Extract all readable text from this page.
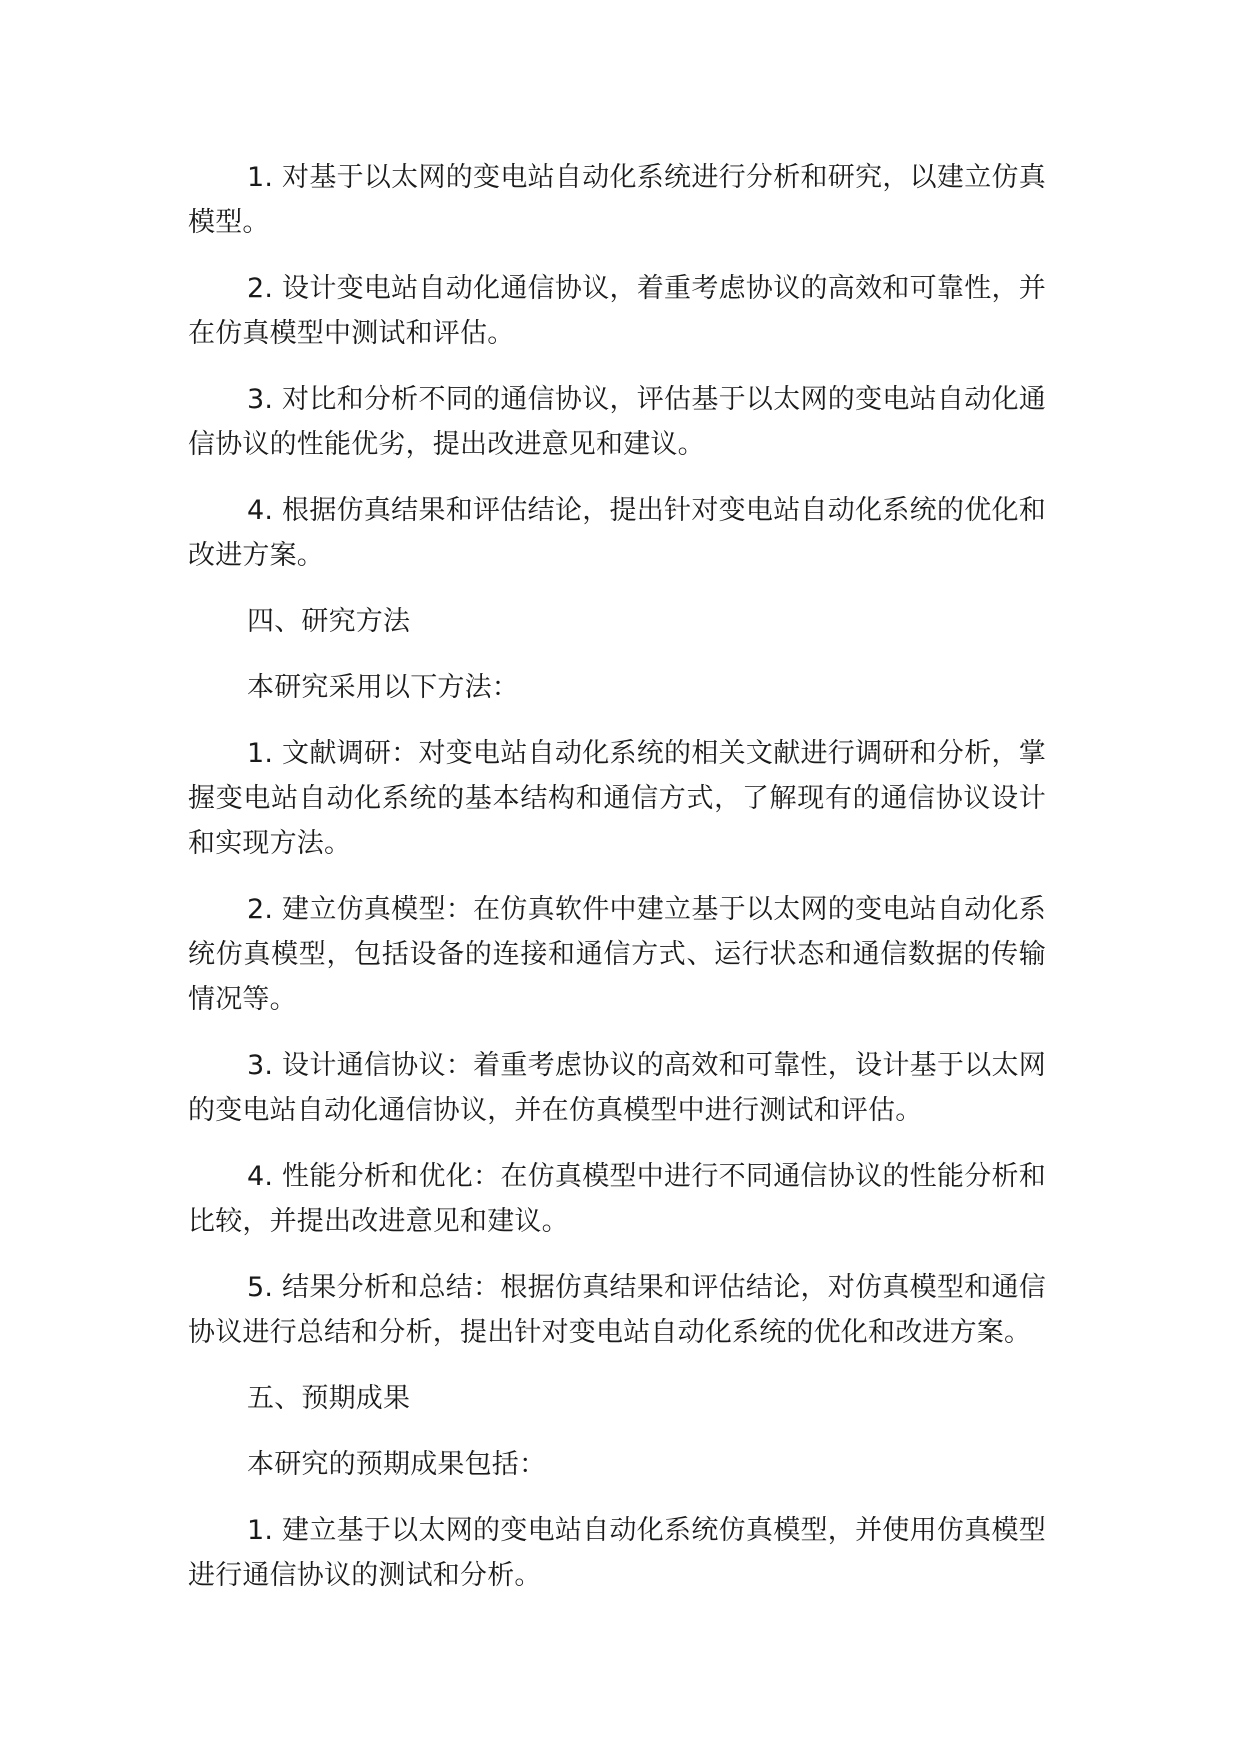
1. 对基于以太网的变电站自动化系统进行分析和研究，以建立仿真模型。

2. 设计变电站自动化通信协议，着重考虑协议的高效和可靠性，并在仿真模型中测试和评估。

3. 对比和分析不同的通信协议，评估基于以太网的变电站自动化通信协议的性能优劣，提出改进意见和建议。

4. 根据仿真结果和评估结论，提出针对变电站自动化系统的优化和改进方案。

四、研究方法

本研究采用以下方法：

1. 文献调研：对变电站自动化系统的相关文献进行调研和分析，掌握变电站自动化系统的基本结构和通信方式，了解现有的通信协议设计和实现方法。

2. 建立仿真模型：在仿真软件中建立基于以太网的变电站自动化系统仿真模型，包括设备的连接和通信方式、运行状态和通信数据的传输情况等。

3. 设计通信协议：着重考虑协议的高效和可靠性，设计基于以太网的变电站自动化通信协议，并在仿真模型中进行测试和评估。

4. 性能分析和优化：在仿真模型中进行不同通信协议的性能分析和比较，并提出改进意见和建议。

5. 结果分析和总结：根据仿真结果和评估结论，对仿真模型和通信协议进行总结和分析，提出针对变电站自动化系统的优化和改进方案。

五、预期成果

本研究的预期成果包括：

1. 建立基于以太网的变电站自动化系统仿真模型，并使用仿真模型进行通信协议的测试和分析。
